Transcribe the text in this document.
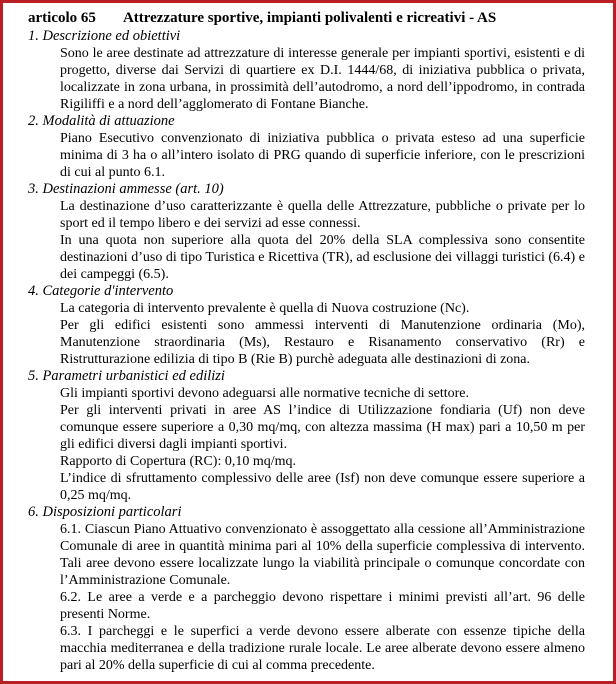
articolo 65 Attrezzature sportive, impianti polivalenti e ricreativi - AS
1. Descrizione ed obiettivi

Sono le aree destinate ad attrezzature di interesse generale per impianti sportivi, esistenti e di progetto, diverse dai Servizi di quartiere ex D.I. 1444/68, di iniziativa pubblica o privata, localizzate in zona urbana, in prossimità dell’autodromo, a nord dell’ippodromo, in contrada Rigiliffi e a nord dell’agglomerato di Fontane Bianche.

2. Modalità di attuazione

Piano Esecutivo convenzionato di iniziativa pubblica o privata esteso ad una superficie minima di 3 ha o all’intero isolato di PRG quando di superficie inferiore, con le prescrizioni di cui al punto 6.1.

3. Destinazioni ammesse (art. 10)

La destinazione d’uso caratterizzante è quella delle Attrezzature, pubbliche o private per lo sport ed il tempo libero e dei servizi ad esse connessi.

In una quota non superiore alla quota del 20% della SLA complessiva sono consentite destinazioni d’uso di tipo Turistica e Ricettiva (TR), ad esclusione dei villaggi turistici (6.4) e dei campeggi (6.5).

4. Categorie d'intervento

La categoria di intervento prevalente è quella di Nuova costruzione (Nc).

Per gli edifici esistenti sono ammessi interventi di Manutenzione ordinaria (Mo), Manutenzione straordinaria (Ms), Restauro e Risanamento conservativo (Rr) e Ristrutturazione edilizia di tipo B (Rie B) purchè adeguata alle destinazioni di zona.

5. Parametri urbanistici ed edilizi

Gli impianti sportivi devono adeguarsi alle normative tecniche di settore.

Per gli interventi privati in aree AS l’indice di Utilizzazione fondiaria (Uf) non deve comunque essere superiore a 0,30 mq/mq, con altezza massima (H max) pari a 10,50 m per gli edifici diversi dagli impianti sportivi.

Rapporto di Copertura (RC): 0,10 mq/mq.

L’indice di sfruttamento complessivo delle aree (Isf) non deve comunque essere superiore a 0,25 mq/mq.

6. Disposizioni particolari

6.1. Ciascun Piano Attuativo convenzionato è assoggettato alla cessione all’Amministrazione Comunale di aree in quantità minima pari al 10% della superficie complessiva di intervento. Tali aree devono essere localizzate lungo la viabilità principale o comunque concordate con l’Amministrazione Comunale.

6.2. Le aree a verde e a parcheggio devono rispettare i minimi previsti all’art. 96 delle presenti Norme.

6.3. I parcheggi e le superfici a verde devono essere alberate con essenze tipiche della macchia mediterranea e della tradizione rurale locale. Le aree alberate devono essere almeno pari al 20% della superficie di cui al comma precedente.
